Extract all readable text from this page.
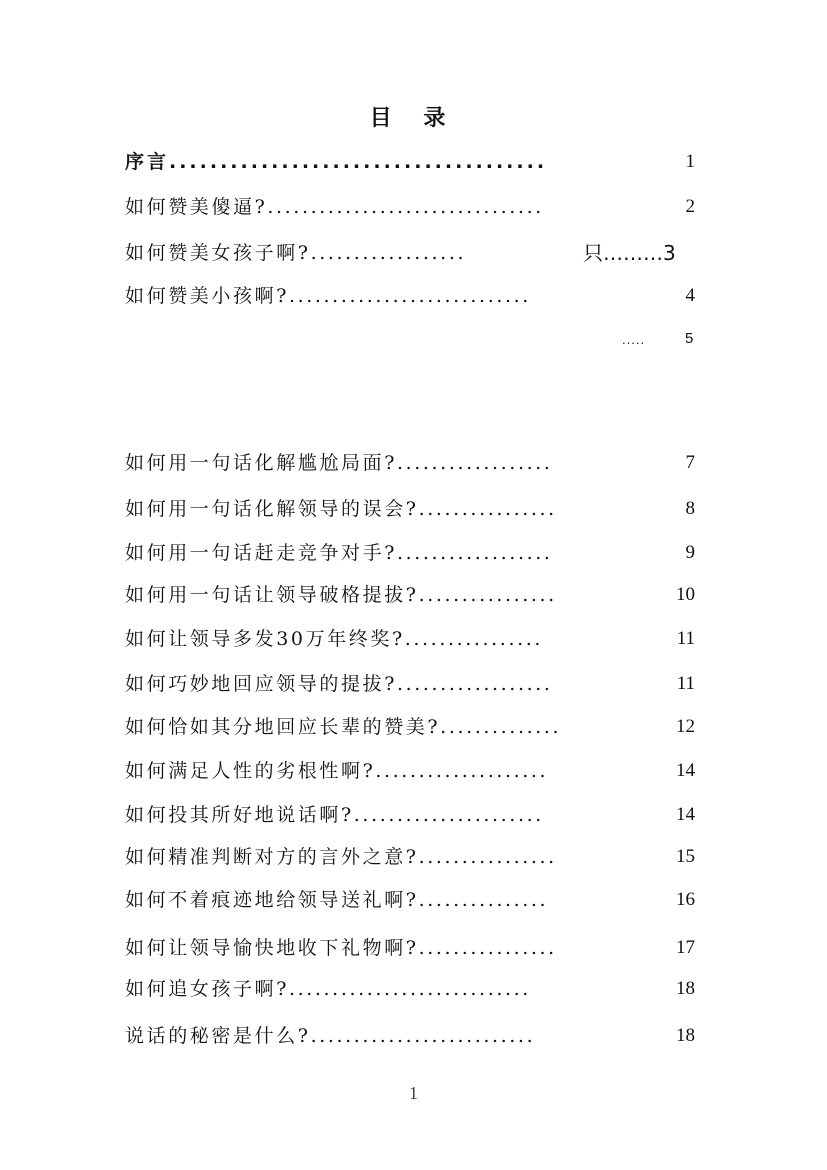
目 录
序言.....................................	1
如何赞美傻逼?................................	2
如何赞美女孩子啊?..................	只………3
如何赞美小孩啊?............................	4
.....	5
如何用一句话化解尴尬局面?..................	7
如何用一句话化解领导的误会?................	8
如何用一句话赶走竞争对手?..................	9
如何用一句话让领导破格提拔?................	10
如何让领导多发30万年终奖?................	11
如何巧妙地回应领导的提拔?..................	11
如何恰如其分地回应长辈的赞美?..............	12
如何满足人性的劣根性啊?....................	14
如何投其所好地说话啊?......................	14
如何精准判断对方的言外之意?................	15
如何不着痕迹地给领导送礼啊?...............	16
如何让领导愉快地收下礼物啊?................	17
如何追女孩子啊?............................	18
说话的秘密是什么?..........................	18
1
